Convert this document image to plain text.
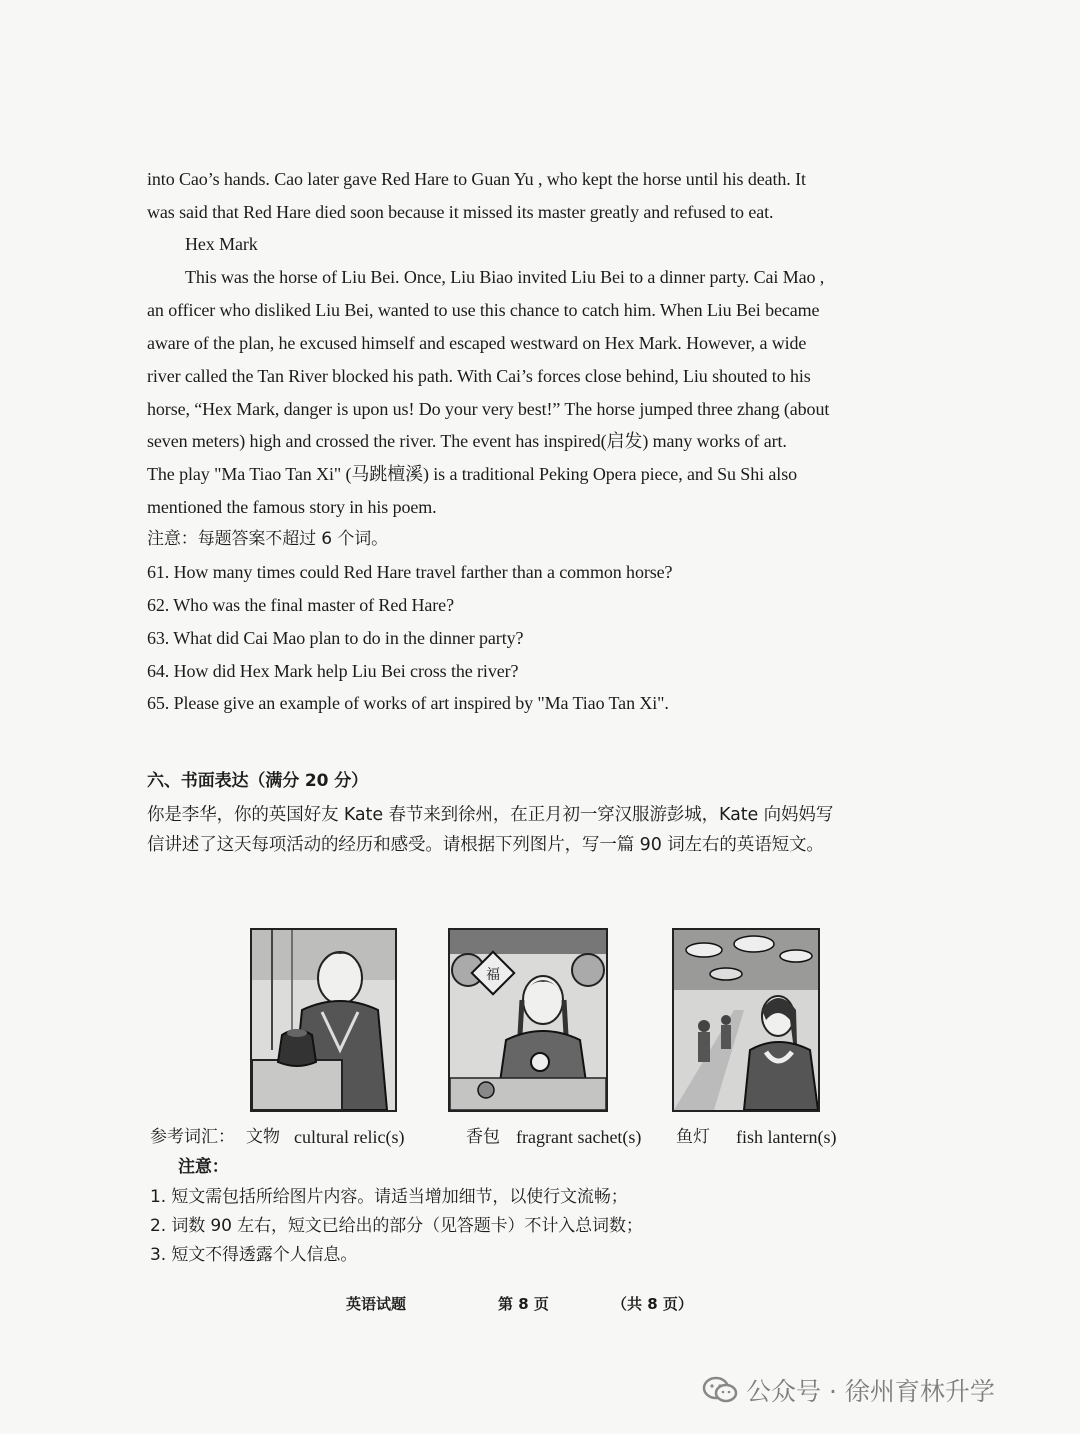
into Cao’s hands. Cao later gave Red Hare to Guan Yu , who kept the horse until his death. It
was said that Red Hare died soon because it missed its master greatly and refused to eat.
Hex Mark
This was the horse of Liu Bei. Once, Liu Biao invited Liu Bei to a dinner party. Cai Mao ,
an officer who disliked Liu Bei, wanted to use this chance to catch him. When Liu Bei became
aware of the plan, he excused himself and escaped westward on Hex Mark. However, a wide
river called the Tan River blocked his path. With Cai’s forces close behind, Liu shouted to his
horse, “Hex Mark, danger is upon us! Do your very best!” The horse jumped three zhang (about
seven meters) high and crossed the river. The event has inspired(启发) many works of art.
The play "Ma Tiao Tan Xi" (马跳檀溪) is a traditional Peking Opera piece, and Su Shi also
mentioned the famous story in his poem.
注意：每题答案不超过 6 个词。
61. How many times could Red Hare travel farther than a common horse?
62. Who was the final master of Red Hare?
63. What did Cai Mao plan to do in the dinner party?
64. How did Hex Mark help Liu Bei cross the river?
65. Please give an example of works of art inspired by "Ma Tiao Tan Xi".
六、书面表达（满分 20 分）
你是李华，你的英国好友 Kate 春节来到徐州，在正月初一穿汉服游彭城，Kate 向妈妈写
信讲述了这天每项活动的经历和感受。请根据下列图片，写一篇 90 词左右的英语短文。
福
参考词汇： 文物 cultural relic(s)	香包 fragrant sachet(s) 鱼灯 fish lantern(s)
注意：
1. 短文需包括所给图片内容。请适当增加细节，以使行文流畅；
2. 词数 90 左右，短文已给出的部分（见答题卡）不计入总词数；
3. 短文不得透露个人信息。
英语试题	第 8 页	（共 8 页）
公众号 · 徐州育林升学
